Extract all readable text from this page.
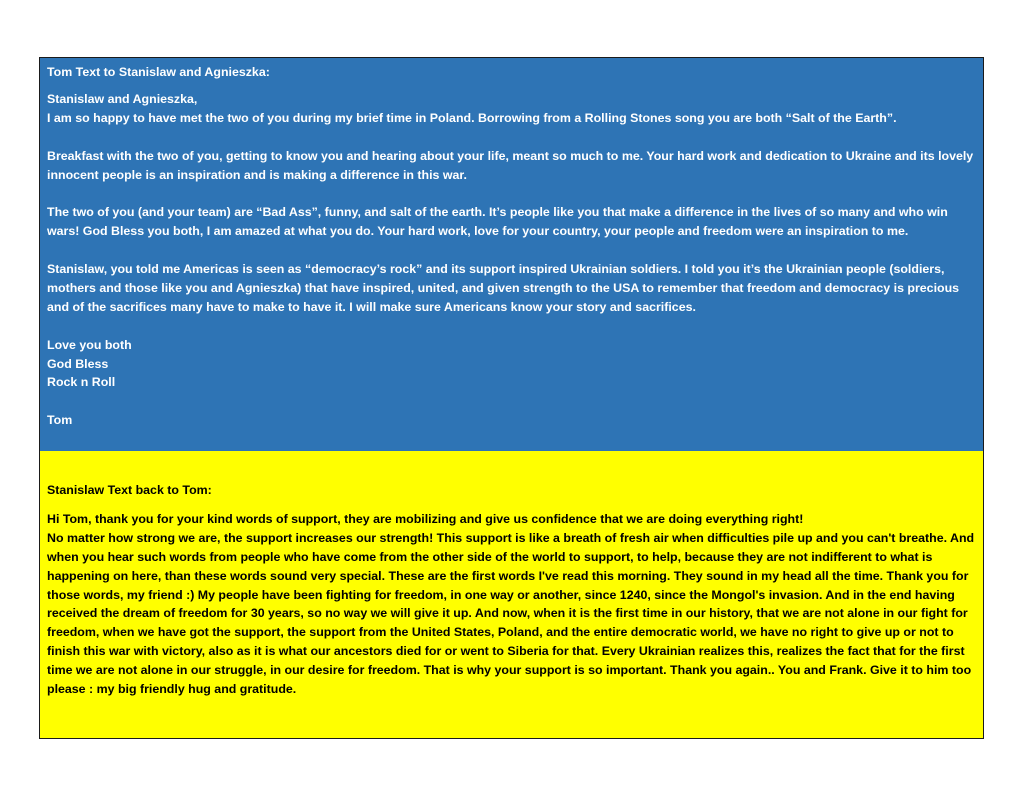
Tom Text to Stanislaw and Agnieszka:

Stanislaw and Agnieszka,

I am so happy to have met the two of you during my brief time in Poland. Borrowing from a Rolling Stones song you are both “Salt of the Earth”.

Breakfast with the two of you, getting to know you and hearing about your life, meant so much to me. Your hard work and dedication to Ukraine and its lovely innocent people is an inspiration and is making a difference in this war.

The two of you (and your team) are “Bad Ass”, funny, and salt of the earth. It’s people like you that make a difference in the lives of so many and who win wars! God Bless you both, I am amazed at what you do. Your hard work, love for your country, your people and freedom were an inspiration to me.

Stanislaw, you told me Americas is seen as “democracy’s rock” and its support inspired Ukrainian soldiers. I told you it’s the Ukrainian people (soldiers, mothers and those like you and Agnieszka) that have inspired, united, and given strength to the USA to remember that freedom and democracy is precious and of the sacrifices many have to make to have it. I will make sure Americans know your story and sacrifices.

Love you both

God Bless

Rock n Roll

Tom

Stanislaw Text back to Tom:

Hi Tom, thank you for your kind words of support, they are mobilizing and give us confidence that we are doing everything right!

No matter how strong we are, the support increases our strength! This support is like a breath of fresh air when difficulties pile up and you can't breathe. And when you hear such words from people who have come from the other side of the world to support, to help, because they are not indifferent to what is happening on here, than these words sound very special. These are the first words I've read this morning. They sound in my head all the time. Thank you for those words, my friend :) My people have been fighting for freedom, in one way or another, since 1240, since the Mongol's invasion. And in the end having received the dream of freedom for 30 years, so no way we will give it up. And now, when it is the first time in our history, that we are not alone in our fight for freedom, when we have got the support, the support from the United States, Poland, and the entire democratic world, we have no right to give up or not to finish this war with victory, also as it is what our ancestors died for or went to Siberia for that. Every Ukrainian realizes this, realizes the fact that for the first time we are not alone in our struggle, in our desire for freedom. That is why your support is so important. Thank you again.. You and Frank. Give it to him too please : my big friendly hug and gratitude.
